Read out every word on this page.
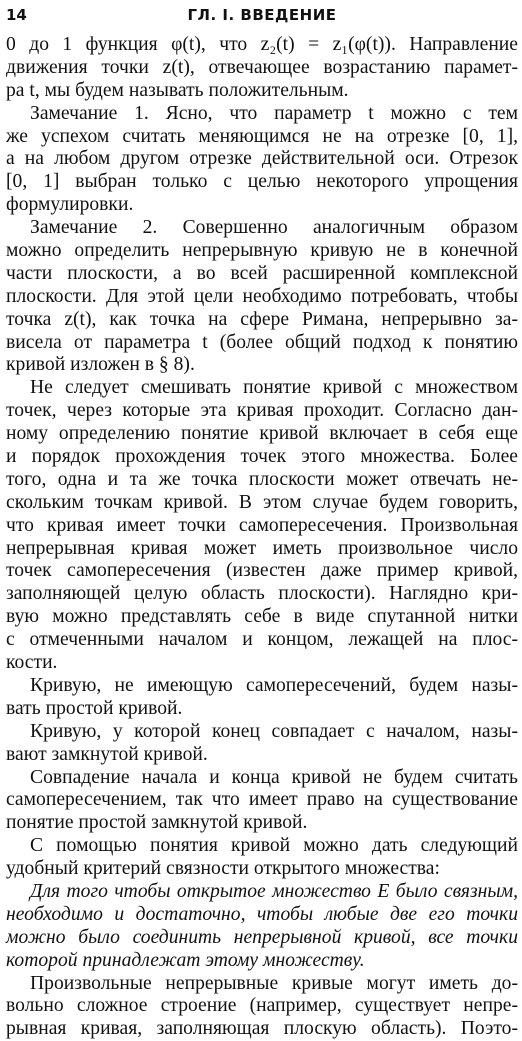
14	ГЛ. I. ВВЕДЕНИЕ
0 до 1 функция φ(t), что z₂(t) = z₁(φ(t)). Направление
движения точки z(t), отвечающее возрастанию парамет-
ра t, мы будем называть положительным.
Замечание 1. Ясно, что параметр t можно с тем
же успехом считать меняющимся не на отрезке [0, 1],
а на любом другом отрезке действительной оси. Отрезок
[0, 1] выбран только с целью некоторого упрощения
формулировки.
Замечание 2. Совершенно аналогичным образом
можно определить непрерывную кривую не в конечной
части плоскости, а во всей расширенной комплексной
плоскости. Для этой цели необходимо потребовать, чтобы
точка z(t), как точка на сфере Римана, непрерывно за-
висела от параметра t (более общий подход к понятию
кривой изложен в § 8).
Не следует смешивать понятие кривой с множеством
точек, через которые эта кривая проходит. Согласно дан-
ному определению понятие кривой включает в себя еще
и порядок прохождения точек этого множества. Более
того, одна и та же точка плоскости может отвечать не-
скольким точкам кривой. В этом случае будем говорить,
что кривая имеет точки самопересечения. Произвольная
непрерывная кривая может иметь произвольное число
точек самопересечения (известен даже пример кривой,
заполняющей целую область плоскости). Наглядно кри-
вую можно представлять себе в виде спутанной нитки
с отмеченными началом и концом, лежащей на плос-
кости.
Кривую, не имеющую самопересечений, будем назы-
вать простой кривой.
Кривую, у которой конец совпадает с началом, назы-
вают замкнутой кривой.
Совпадение начала и конца кривой не будем считать
самопересечением, так что имеет право на существование
понятие простой замкнутой кривой.
С помощью понятия кривой можно дать следующий
удобный критерий связности открытого множества:
Для того чтобы открытое множество E было связным,
необходимо и достаточно, чтобы любые две его точки
можно было соединить непрерывной кривой, все точки
которой принадлежат этому множеству.
Произвольные непрерывные кривые могут иметь до-
вольно сложное строение (например, существует непре-
рывная кривая, заполняющая плоскую область). Поэто-
